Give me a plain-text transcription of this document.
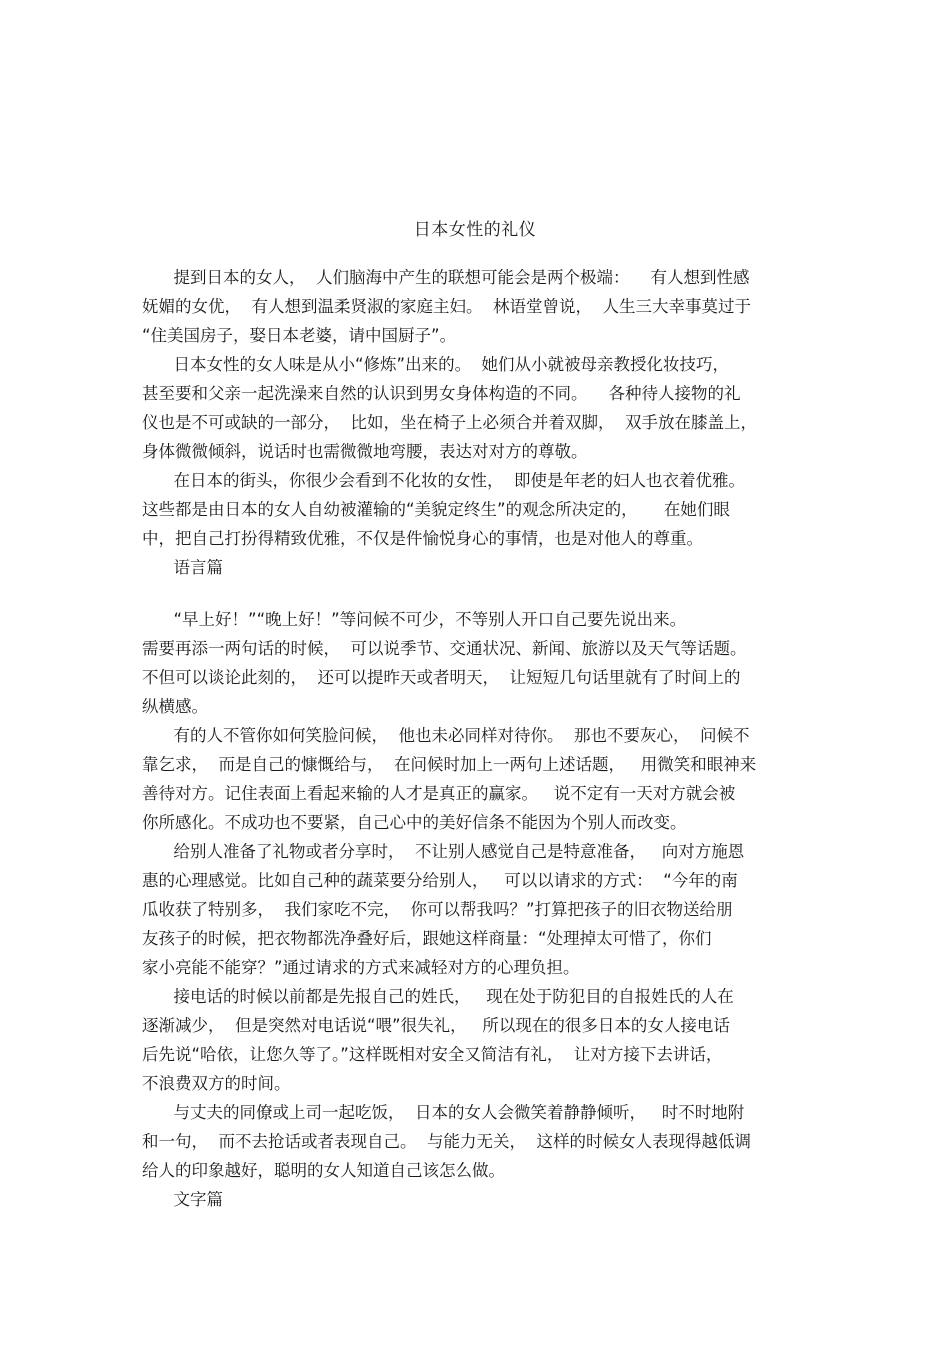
日本女性的礼仪
提到日本的女人，  人们脑海中产生的联想可能会是两个极端：    有人想到性感
妩媚的女优，  有人想到温柔贤淑的家庭主妇。  林语堂曾说，  人生三大幸事莫过于
“住美国房子，娶日本老婆，请中国厨子”。
日本女性的女人味是从小“修炼”出来的。  她们从小就被母亲教授化妆技巧，
甚至要和父亲一起洗澡来自然的认识到男女身体构造的不同。    各种待人接物的礼
仪也是不可或缺的一部分，  比如，坐在椅子上必须合并着双脚，  双手放在膝盖上，
身体微微倾斜，说话时也需微微地弯腰，表达对对方的尊敬。
在日本的街头，你很少会看到不化妆的女性，  即使是年老的妇人也衣着优雅。
这些都是由日本的女人自幼被灌输的“美貌定终生”的观念所决定的，     在她们眼
中，把自己打扮得精致优雅，不仅是件愉悦身心的事情，也是对他人的尊重。
语言篇
“早上好！”“晚上好！”等问候不可少，不等别人开口自己要先说出来。
需要再添一两句话的时候，  可以说季节、交通状况、新闻、旅游以及天气等话题。
不但可以谈论此刻的，  还可以提昨天或者明天，  让短短几句话里就有了时间上的
纵横感。
有的人不管你如何笑脸问候，  他也未必同样对待你。  那也不要灰心，  问候不
靠乞求，  而是自己的慷慨给与，  在问候时加上一两句上述话题，   用微笑和眼神来
善待对方。记住表面上看起来输的人才是真正的赢家。   说不定有一天对方就会被
你所感化。不成功也不要紧，自己心中的美好信条不能因为个别人而改变。
给别人准备了礼物或者分享时，  不让别人感觉自己是特意准备，   向对方施恩
惠的心理感觉。比如自己种的蔬菜要分给别人，   可以以请求的方式：  “今年的南
瓜收获了特别多，  我们家吃不完，  你可以帮我吗？”打算把孩子的旧衣物送给朋
友孩子的时候，把衣物都洗净叠好后，跟她这样商量：“处理掉太可惜了，你们
家小亮能不能穿？”通过请求的方式来减轻对方的心理负担。
接电话的时候以前都是先报自己的姓氏，   现在处于防犯目的自报姓氏的人在
逐渐减少，  但是突然对电话说“喂”很失礼，   所以现在的很多日本的女人接电话
后先说“哈依，让您久等了。”这样既相对安全又简洁有礼，  让对方接下去讲话，
不浪费双方的时间。
与丈夫的同僚或上司一起吃饭，  日本的女人会微笑着静静倾听，   时不时地附
和一句，  而不去抢话或者表现自己。  与能力无关，  这样的时候女人表现得越低调
给人的印象越好，聪明的女人知道自己该怎么做。
文字篇
